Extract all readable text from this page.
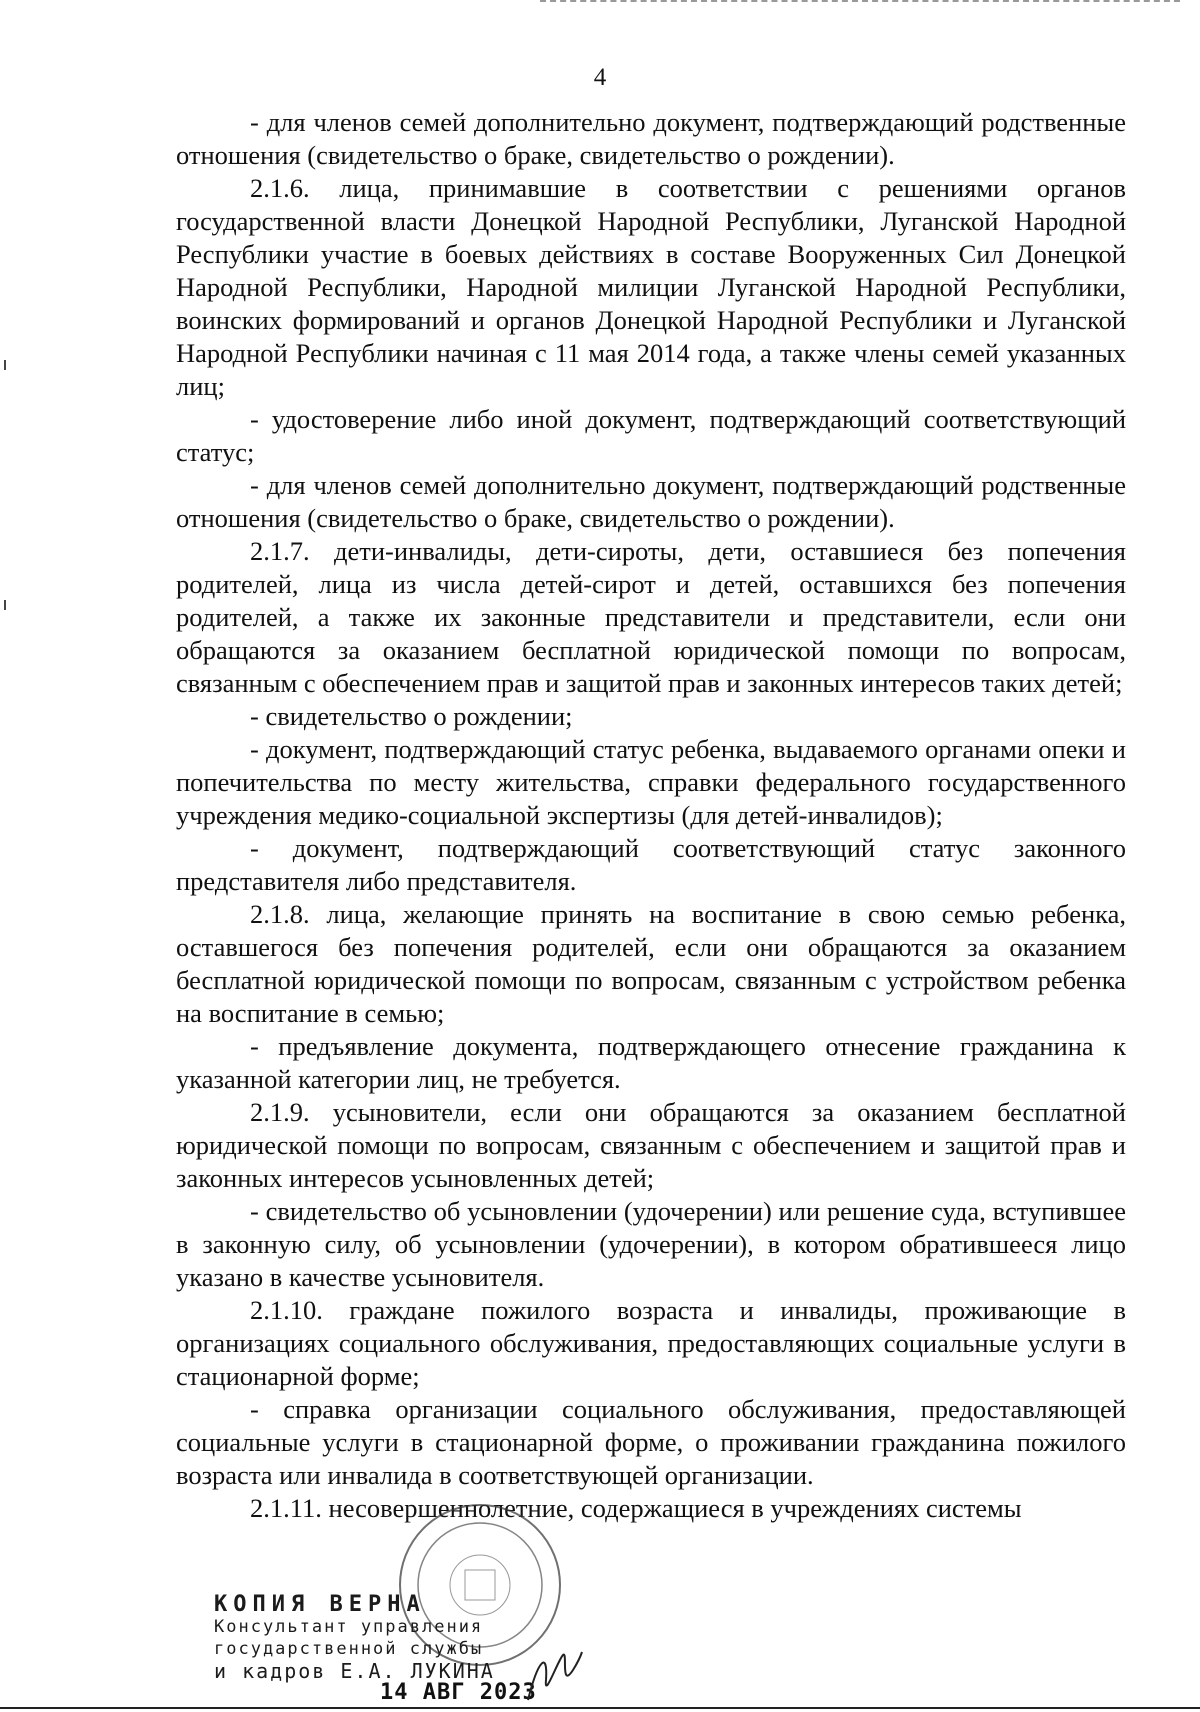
4

- для членов семей дополнительно документ, подтверждающий родственные отношения (свидетельство о браке, свидетельство о рождении).

2.1.6. лица, принимавшие в соответствии с решениями органов государственной власти Донецкой Народной Республики, Луганской Народной Республики участие в боевых действиях в составе Вооруженных Сил Донецкой Народной Республики, Народной милиции Луганской Народной Республики, воинских формирований и органов Донецкой Народной Республики и Луганской Народной Республики начиная с 11 мая 2014 года, а также члены семей указанных лиц;

- удостоверение либо иной документ, подтверждающий соответствующий статус;

- для членов семей дополнительно документ, подтверждающий родственные отношения (свидетельство о браке, свидетельство о рождении).

2.1.7. дети-инвалиды, дети-сироты, дети, оставшиеся без попечения родителей, лица из числа детей-сирот и детей, оставшихся без попечения родителей, а также их законные представители и представители, если они обращаются за оказанием бесплатной юридической помощи по вопросам, связанным с обеспечением прав и защитой прав и законных интересов таких детей;

- свидетельство о рождении;

- документ, подтверждающий статус ребенка, выдаваемого органами опеки и попечительства по месту жительства, справки федерального государственного учреждения медико-социальной экспертизы (для детей-инвалидов);

- документ, подтверждающий соответствующий статус законного представителя либо представителя.

2.1.8. лица, желающие принять на воспитание в свою семью ребенка, оставшегося без попечения родителей, если они обращаются за оказанием бесплатной юридической помощи по вопросам, связанным с устройством ребенка на воспитание в семью;

- предъявление документа, подтверждающего отнесение гражданина к указанной категории лиц, не требуется.

2.1.9. усыновители, если они обращаются за оказанием бесплатной юридической помощи по вопросам, связанным с обеспечением и защитой прав и законных интересов усыновленных детей;

- свидетельство об усыновлении (удочерении) или решение суда, вступившее в законную силу, об усыновлении (удочерении), в котором обратившееся лицо указано в качестве усыновителя.

2.1.10. граждане пожилого возраста и инвалиды, проживающие в организациях социального обслуживания, предоставляющих социальные услуги в стационарной форме;

- справка организации социального обслуживания, предоставляющей социальные услуги в стационарной форме, о проживании гражданина пожилого возраста или инвалида в соответствующей организации.

2.1.11. несовершеннолетние, содержащиеся в учреждениях системы

КОПИЯ ВЕРНА
Консультант управления
государственной службы
и кадров Е.А. ЛУКИНА
14 АВГ 2023
